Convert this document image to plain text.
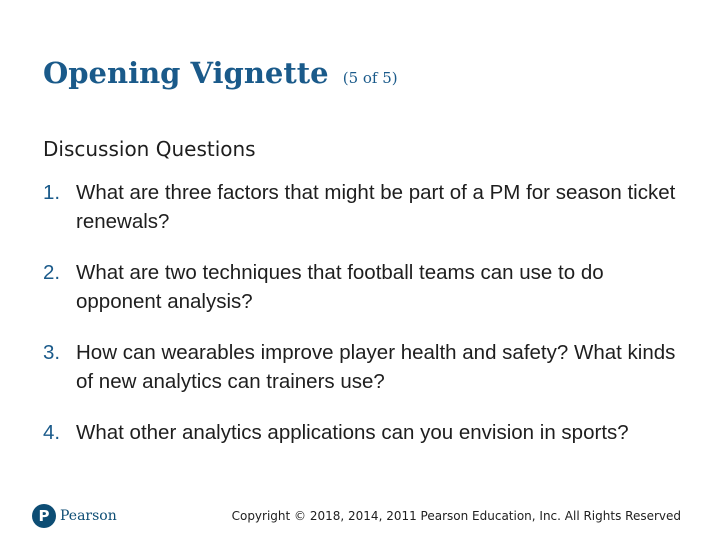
Opening Vignette (5 of 5)

Discussion Questions

1. What are three factors that might be part of a PM for season ticket renewals?
2. What are two techniques that football teams can use to do opponent analysis?
3. How can wearables improve player health and safety? What kinds of new analytics can trainers use?
4. What other analytics applications can you envision in sports?
P Pearson	Copyright © 2018, 2014, 2011 Pearson Education, Inc. All Rights Reserved
